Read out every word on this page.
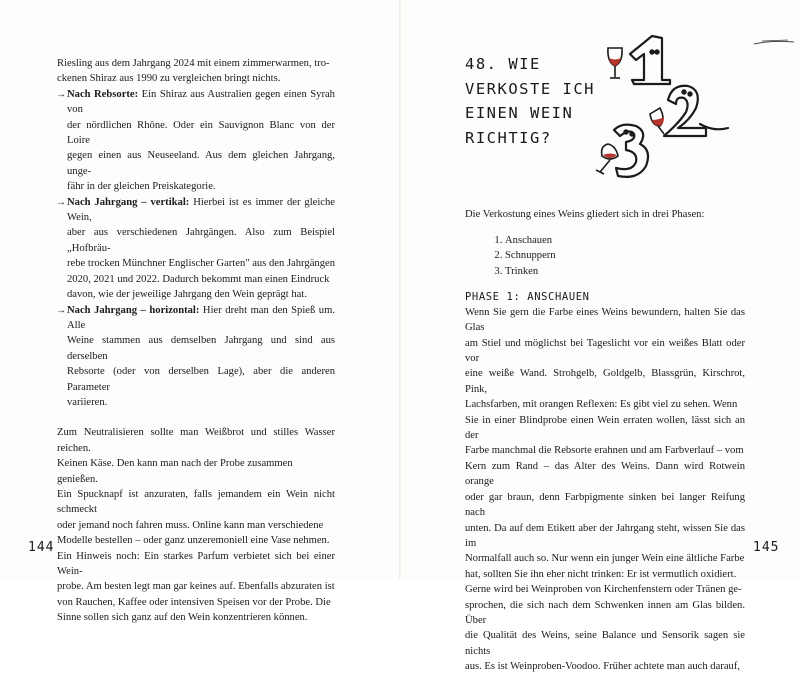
Riesling aus dem Jahrgang 2024 mit einem zimmerwarmen, tro-

ckenen Shiraz aus 1990 zu vergleichen bringt nichts.

→ Nach Rebsorte: Ein Shiraz aus Australien gegen einen Syrah von

der nördlichen Rhône. Oder ein Sauvignon Blanc von der Loire

gegen einen aus Neuseeland. Aus dem gleichen Jahrgang, unge-

fähr in der gleichen Preiskategorie.

→ Nach Jahrgang – vertikal: Hierbei ist es immer der gleiche Wein,

aber aus verschiedenen Jahrgängen. Also zum Beispiel „Hofbräu-

rebe trocken Münchner Englischer Garten" aus den Jahrgängen

2020, 2021 und 2022. Dadurch bekommt man einen Eindruck

davon, wie der jeweilige Jahrgang den Wein geprägt hat.

→ Nach Jahrgang – horizontal: Hier dreht man den Spieß um. Alle

Weine stammen aus demselben Jahrgang und sind aus derselben

Rebsorte (oder von derselben Lage), aber die anderen Parameter

variieren.

Zum Neutralisieren sollte man Weißbrot und stilles Wasser reichen.

Keinen Käse. Den kann man nach der Probe zusammen genießen.

Ein Spucknapf ist anzuraten, falls jemandem ein Wein nicht schmeckt

oder jemand noch fahren muss. Online kann man verschiedene

Modelle bestellen – oder ganz unzeremoniell eine Vase nehmen.

Ein Hinweis noch: Ein starkes Parfum verbietet sich bei einer Wein-

probe. Am besten legt man gar keines auf. Ebenfalls abzuraten ist

von Rauchen, Kaffee oder intensiven Speisen vor der Probe. Die

Sinne sollen sich ganz auf den Wein konzentrieren können.

144
48. WIE
VERKOSTE ICH
EINEN WEIN
RICHTIG?

Die Verkostung eines Weins gliedert sich in drei Phasen:

1. Anschauen
2. Schnuppern
3. Trinken
PHASE 1: ANSCHAUEN

Wenn Sie gern die Farbe eines Weins bewundern, halten Sie das Glas

am Stiel und möglichst bei Tageslicht vor ein weißes Blatt oder vor

eine weiße Wand. Strohgelb, Goldgelb, Blassgrün, Kirschrot, Pink,

Lachsfarben, mit orangen Reflexen: Es gibt viel zu sehen. Wenn

Sie in einer Blindprobe einen Wein erraten wollen, lässt sich an der

Farbe manchmal die Rebsorte erahnen und am Farbverlauf – vom

Kern zum Rand – das Alter des Weins. Dann wird Rotwein orange

oder gar braun, denn Farbpigmente sinken bei langer Reifung nach

unten. Da auf dem Etikett aber der Jahrgang steht, wissen Sie das im

Normalfall auch so. Nur wenn ein junger Wein eine ältliche Farbe

hat, sollten Sie ihn eher nicht trinken: Er ist vermutlich oxidiert.

Gerne wird bei Weinproben von Kirchenfenstern oder Tränen ge-

sprochen, die sich nach dem Schwenken innen am Glas bilden. Über

die Qualität des Weins, seine Balance und Sensorik sagen sie nichts

aus. Es ist Weinproben-Voodoo. Früher achtete man auch darauf,

145
